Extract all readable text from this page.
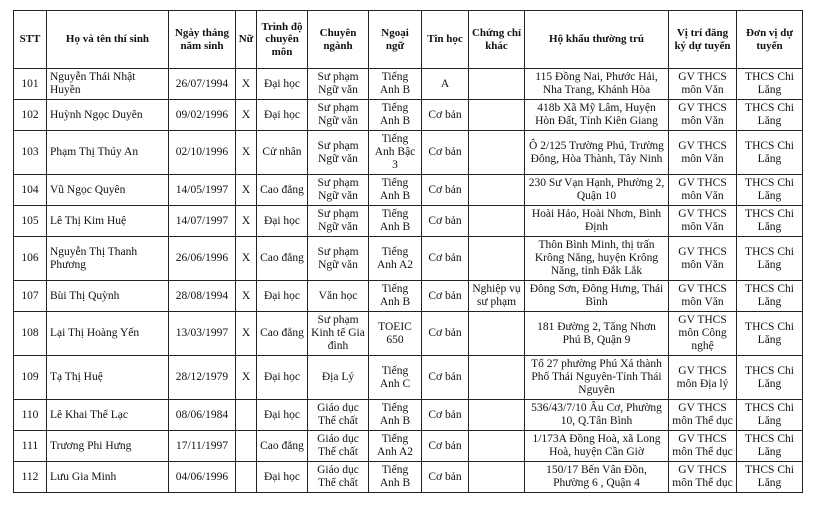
STT	Họ và tên thí sinh	Ngày tháng năm sinh	Nữ	Trình độ chuyên môn	Chuyên ngành	Ngoại ngữ	Tin học	Chứng chỉ khác	Hộ khẩu thường trú	Vị trí đăng ký dự tuyển	Đơn vị dự tuyển
101	Nguyễn Thái Nhật Huyền	26/07/1994	X	Đại học	Sư phạm Ngữ văn	Tiếng Anh B	A		115 Đồng Nai, Phước Hải, Nha Trang, Khánh Hòa	GV THCS môn Văn	THCS Chi Lăng
102	Huỳnh Ngọc Duyên	09/02/1996	X	Đại học	Sư phạm Ngữ văn	Tiếng Anh B	Cơ bản		418b Xã Mỹ Lâm, Huyện Hòn Đất, Tỉnh Kiên Giang	GV THCS môn Văn	THCS Chi Lăng
103	Phạm Thị Thúy An	02/10/1996	X	Cử nhân	Sư phạm Ngữ văn	Tiếng Anh Bậc 3	Cơ bản		Ô 2/125 Trường Phú, Trường Đông, Hòa Thành, Tây Ninh	GV THCS môn Văn	THCS Chi Lăng
104	Vũ Ngọc Quyên	14/05/1997	X	Cao đẳng	Sư phạm Ngữ văn	Tiếng Anh B	Cơ bản		230 Sư Vạn Hạnh, Phường 2, Quận 10	GV THCS môn Văn	THCS Chi Lăng
105	Lê Thị Kim Huệ	14/07/1997	X	Đại học	Sư phạm Ngữ văn	Tiếng Anh B	Cơ bản		Hoài Hảo, Hoài Nhơn, Bình Định	GV THCS môn Văn	THCS Chi Lăng
106	Nguyễn Thị Thanh Phương	26/06/1996	X	Cao đẳng	Sư phạm Ngữ văn	Tiếng Anh A2	Cơ bản		Thôn Bình Minh, thị trấn Krông Năng, huyện Krông Năng, tỉnh Đắk Lắk	GV THCS môn Văn	THCS Chi Lăng
107	Bùi Thị Quỳnh	28/08/1994	X	Đại học	Văn học	Tiếng Anh B	Cơ bản	Nghiệp vụ sư phạm	Đông Sơn, Đông Hưng, Thái Bình	GV THCS môn Văn	THCS Chi Lăng
108	Lại Thị Hoàng Yến	13/03/1997	X	Cao đẳng	Sư phạm Kinh tế Gia đình	TOEIC 650	Cơ bản		181 Đường 2, Tăng Nhơn Phú B, Quận 9	GV THCS môn Công nghệ	THCS Chi Lăng
109	Tạ Thị Huệ	28/12/1979	X	Đại học	Địa Lý	Tiếng Anh C	Cơ bản		Tổ 27 phường Phú Xá thành Phố Thái Nguyên-Tỉnh Thái Nguyên	GV THCS môn Địa lý	THCS Chi Lăng
110	Lê Khai Thế Lạc	08/06/1984		Đại học	Giáo dục Thể chất	Tiếng Anh B	Cơ bản		536/43/7/10 Âu Cơ, Phường 10, Q.Tân Bình	GV THCS môn Thể dục	THCS Chi Lăng
111	Trương Phi Hưng	17/11/1997		Cao đẳng	Giáo dục Thể chất	Tiếng Anh A2	Cơ bản		1/173A Đồng Hoà, xã Long Hoà, huyện Cần Giờ	GV THCS môn Thể dục	THCS Chi Lăng
112	Lưu Gia Minh	04/06/1996		Đại học	Giáo dục Thể chất	Tiếng Anh B	Cơ bản		150/17 Bến Vân Đồn, Phường 6 , Quận 4	GV THCS môn Thể dục	THCS Chi Lăng
